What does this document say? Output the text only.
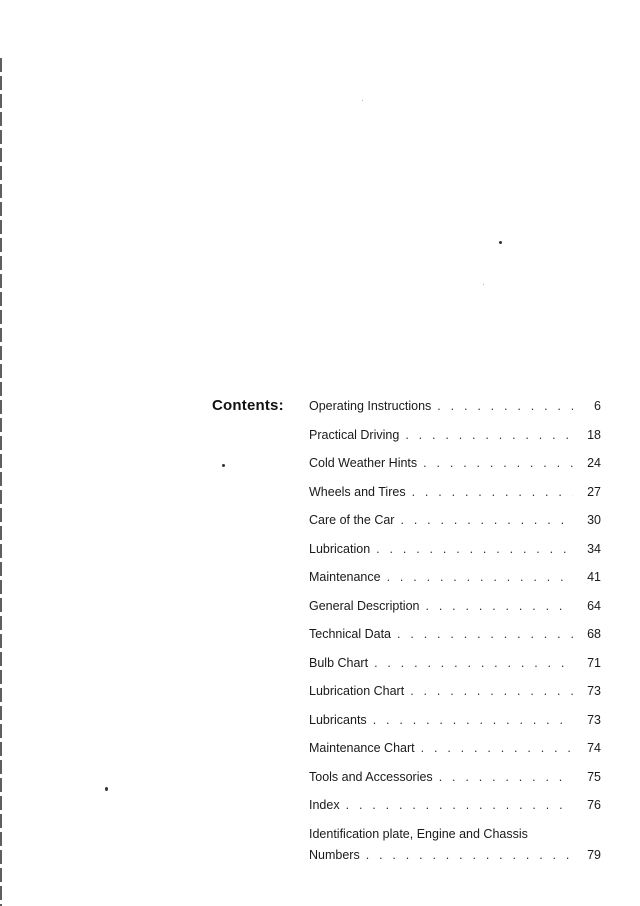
Contents: Operating Instructions . . .	6
Practical Driving . . .	18
Cold Weather Hints . . .	24
Wheels and Tires . . .	27
Care of the Car . . .	30
Lubrication . . .	34
Maintenance . . .	41
General Description . . .	64
Technical Data . . .	68
Bulb Chart . . .	71
Lubrication Chart . . .	73
Lubricants . . .	73
Maintenance Chart . . .	74
Tools and Accessories . . .	75
Index . . .	76
Identification plate, Engine and Chassis
Numbers . . .	79
